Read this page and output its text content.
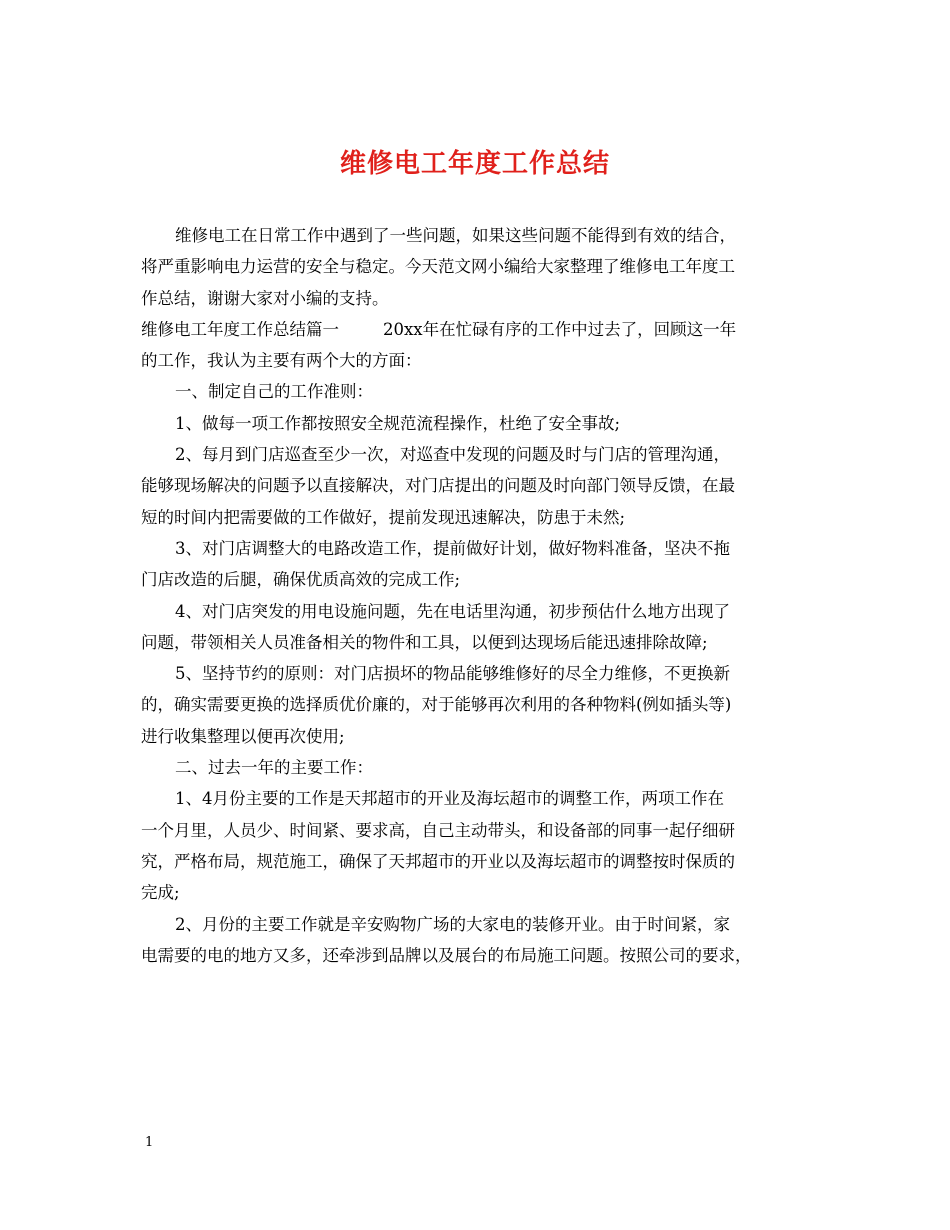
维修电工年度工作总结
维修电工在日常工作中遇到了一些问题，如果这些问题不能得到有效的结合，
将严重影响电力运营的安全与稳定。今天范文网小编给大家整理了维修电工年度工
作总结，谢谢大家对小编的支持。
维修电工年度工作总结篇一	20xx年在忙碌有序的工作中过去了，回顾这一年
的工作，我认为主要有两个大的方面：
一、制定自己的工作准则：
1、做每一项工作都按照安全规范流程操作，杜绝了安全事故;
2、每月到门店巡查至少一次，对巡查中发现的问题及时与门店的管理沟通，
能够现场解决的问题予以直接解决，对门店提出的问题及时向部门领导反馈，在最
短的时间内把需要做的工作做好，提前发现迅速解决，防患于未然;
3、对门店调整大的电路改造工作，提前做好计划，做好物料准备，坚决不拖
门店改造的后腿，确保优质高效的完成工作;
4、对门店突发的用电设施问题，先在电话里沟通，初步预估什么地方出现了
问题，带领相关人员准备相关的物件和工具，以便到达现场后能迅速排除故障;
5、坚持节约的原则：对门店损坏的物品能够维修好的尽全力维修，不更换新
的，确实需要更换的选择质优价廉的，对于能够再次利用的各种物料(例如插头等)
进行收集整理以便再次使用;
二、过去一年的主要工作：
1、4月份主要的工作是天邦超市的开业及海坛超市的调整工作，两项工作在
一个月里，人员少、时间紧、要求高，自己主动带头，和设备部的同事一起仔细研
究，严格布局，规范施工，确保了天邦超市的开业以及海坛超市的调整按时保质的
完成;
2、月份的主要工作就是辛安购物广场的大家电的装修开业。由于时间紧，家
电需要的电的地方又多，还牵涉到品牌以及展台的布局施工问题。按照公司的要求，
1
